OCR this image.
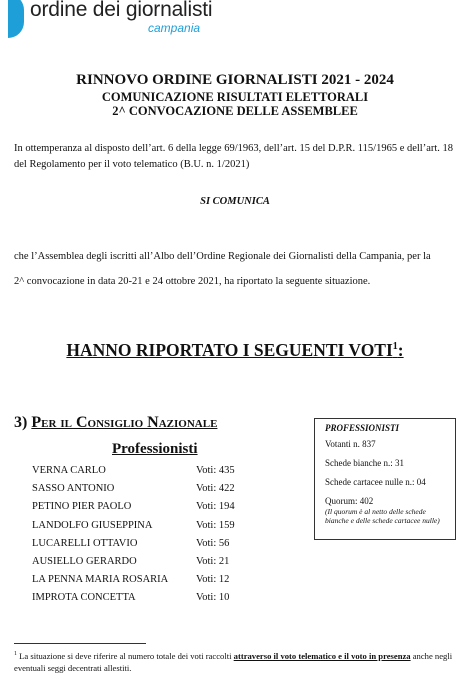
ordine dei giornalisti
campania
RINNOVO ORDINE GIORNALISTI 2021 - 2024
COMUNICAZIONE RISULTATI ELETTORALI
2^ CONVOCAZIONE DELLE ASSEMBLEE
In ottemperanza al disposto dell’art. 6 della legge 69/1963, dell’art. 15 del D.P.R. 115/1965 e dell’art. 18 del Regolamento per il voto telematico (B.U. n. 1/2021)
SI COMUNICA
che l’Assemblea degli iscritti all’Albo dell’Ordine Regionale dei Giornalisti della Campania, per la
2^ convocazione in data 20-21 e 24 ottobre 2021, ha riportato la seguente situazione.
HANNO RIPORTATO I SEGUENTI VOTI$^1$:
3) Per il Consiglio Nazionale
Professionisti
VERNA CARLO	Voti: 435
SASSO ANTONIO	Voti: 422
PETINO PIER PAOLO	Voti: 194
LANDOLFO GIUSEPPINA	Voti: 159
LUCARELLI OTTAVIO	Voti: 56
AUSIELLO GERARDO	Voti: 21
LA PENNA MARIA ROSARIA	Voti: 12
IMPROTA CONCETTA	Voti: 10
PROFESSIONISTI
Votanti n. 837
Schede bianche n.: 31
Schede cartacee nulle n.: 04
Quorum: 402
(Il quorum è al netto delle schede bianche e delle schede cartacee nulle)
$^1$ La situazione si deve riferire al numero totale dei voti raccolti attraverso il voto telematico e il voto in presenza anche negli eventuali seggi decentrati allestiti.
